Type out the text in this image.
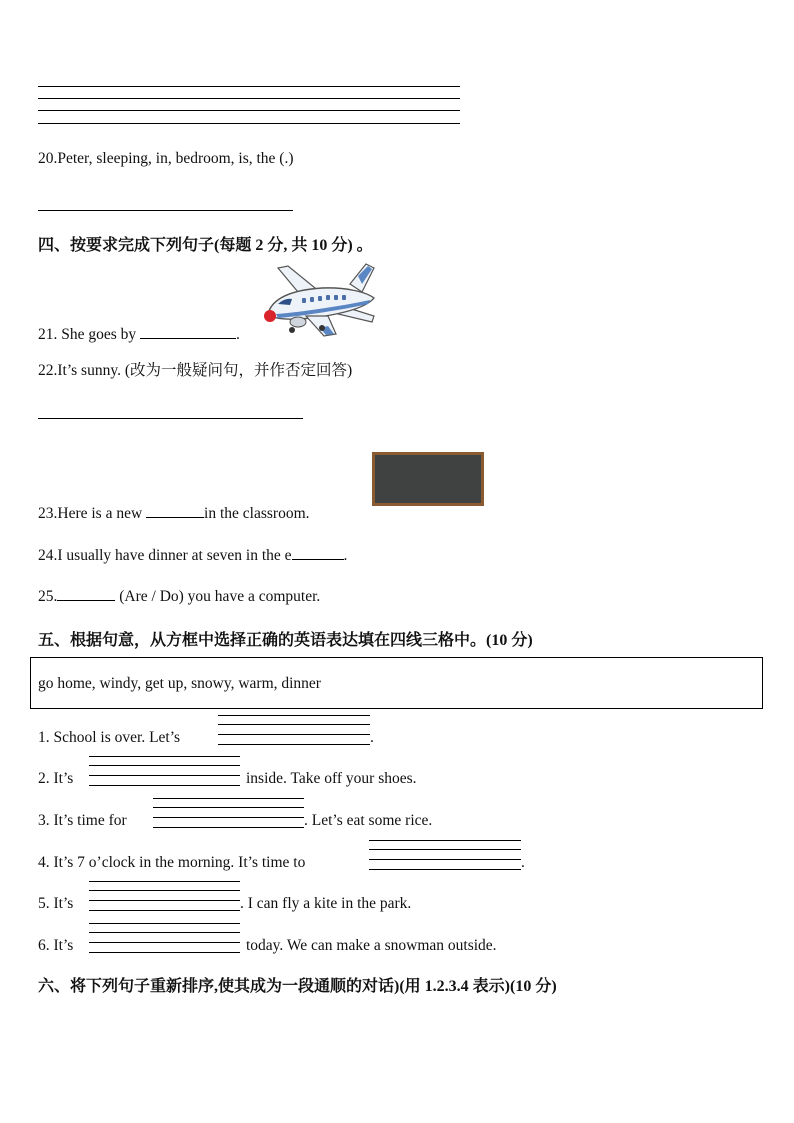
20.Peter, sleeping, in, bedroom, is, the (.)
四、按要求完成下列句子(每题 2 分, 共 10 分) 。
21. She goes by	.
22.It’s sunny. (改为一般疑问句，并作否定回答)
23.Here is a new	in the classroom.
24.I usually have dinner at seven in the e	.
25.	(Are / Do) you have a computer.
五、根据句意，从方框中选择正确的英语表达填在四线三格中。(10 分)
go home, windy, get up, snowy, warm, dinner
1. School is over. Let’s	.
2. It’s	inside. Take off your shoes.
3. It’s time for	. Let’s eat some rice.
4. It’s 7 o’clock in the morning. It’s time to	.
5. It’s	. I can fly a kite in the park.
6. It’s	today. We can make a snowman outside.
六、将下列句子重新排序,使其成为一段通顺的对话)(用 1.2.3.4 表示)(10 分)
